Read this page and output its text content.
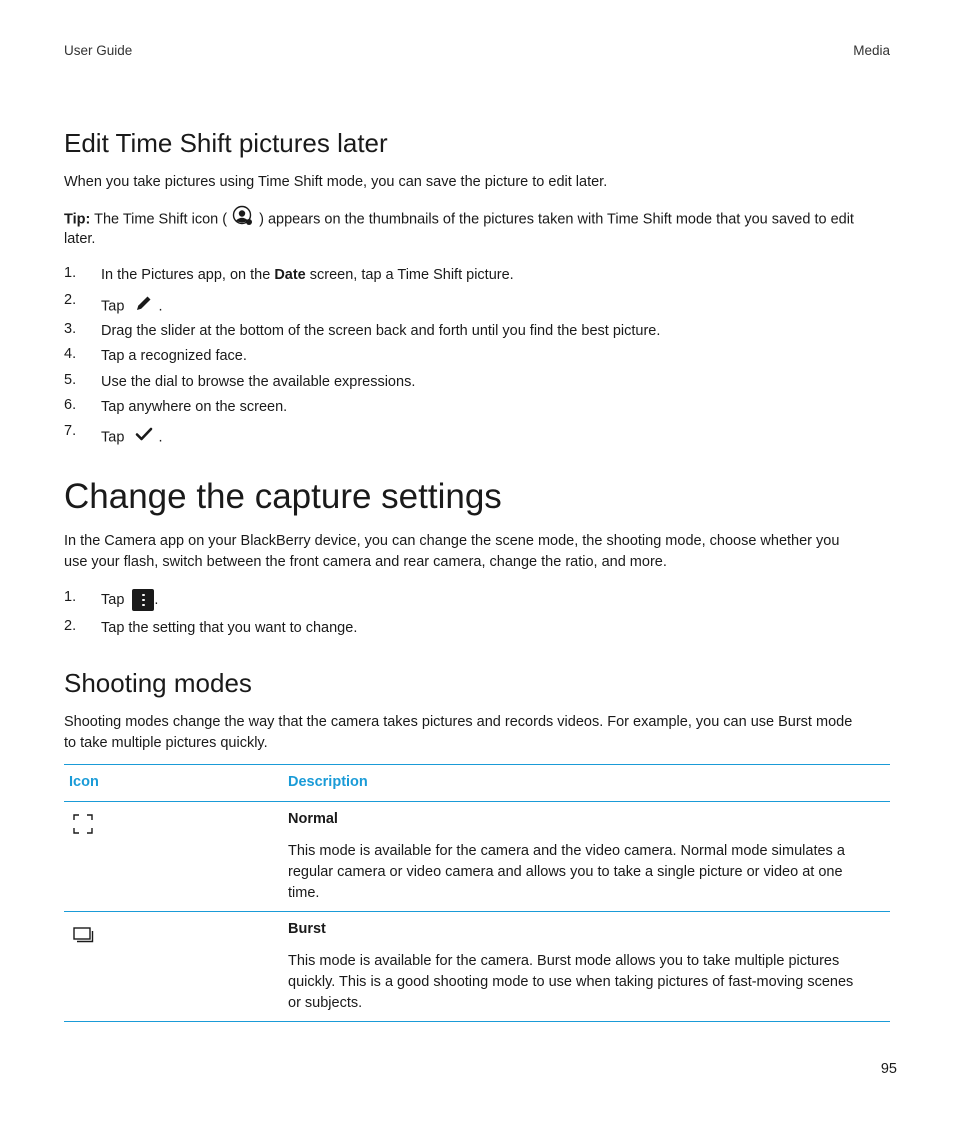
User Guide	Media
Edit Time Shift pictures later

When you take pictures using Time Shift mode, you can save the picture to edit later.

Tip: The Time Shift icon ( ) appears on the thumbnails of the pictures taken with Time Shift mode that you saved to edit
later.
1. In the Pictures app, on the Date screen, tap a Time Shift picture.
2. Tap .
3. Drag the slider at the bottom of the screen back and forth until you find the best picture.
4. Tap a recognized face.
5. Use the dial to browse the available expressions.
6. Tap anywhere on the screen.
7. Tap .
Change the capture settings

In the Camera app on your BlackBerry device, you can change the scene mode, the shooting mode, choose whether you

use your flash, switch between the front camera and rear camera, change the ratio, and more.

1. Tap .
2. Tap the setting that you want to change.
Shooting modes

Shooting modes change the way that the camera takes pictures and records videos. For example, you can use Burst mode

to take multiple pictures quickly.

Icon	Description
Normal

This mode is available for the camera and the video camera. Normal mode simulates a

regular camera or video camera and allows you to take a single picture or video at one

time.

Burst

This mode is available for the camera. Burst mode allows you to take multiple pictures

quickly. This is a good shooting mode to use when taking pictures of fast-moving scenes

or subjects.

95
